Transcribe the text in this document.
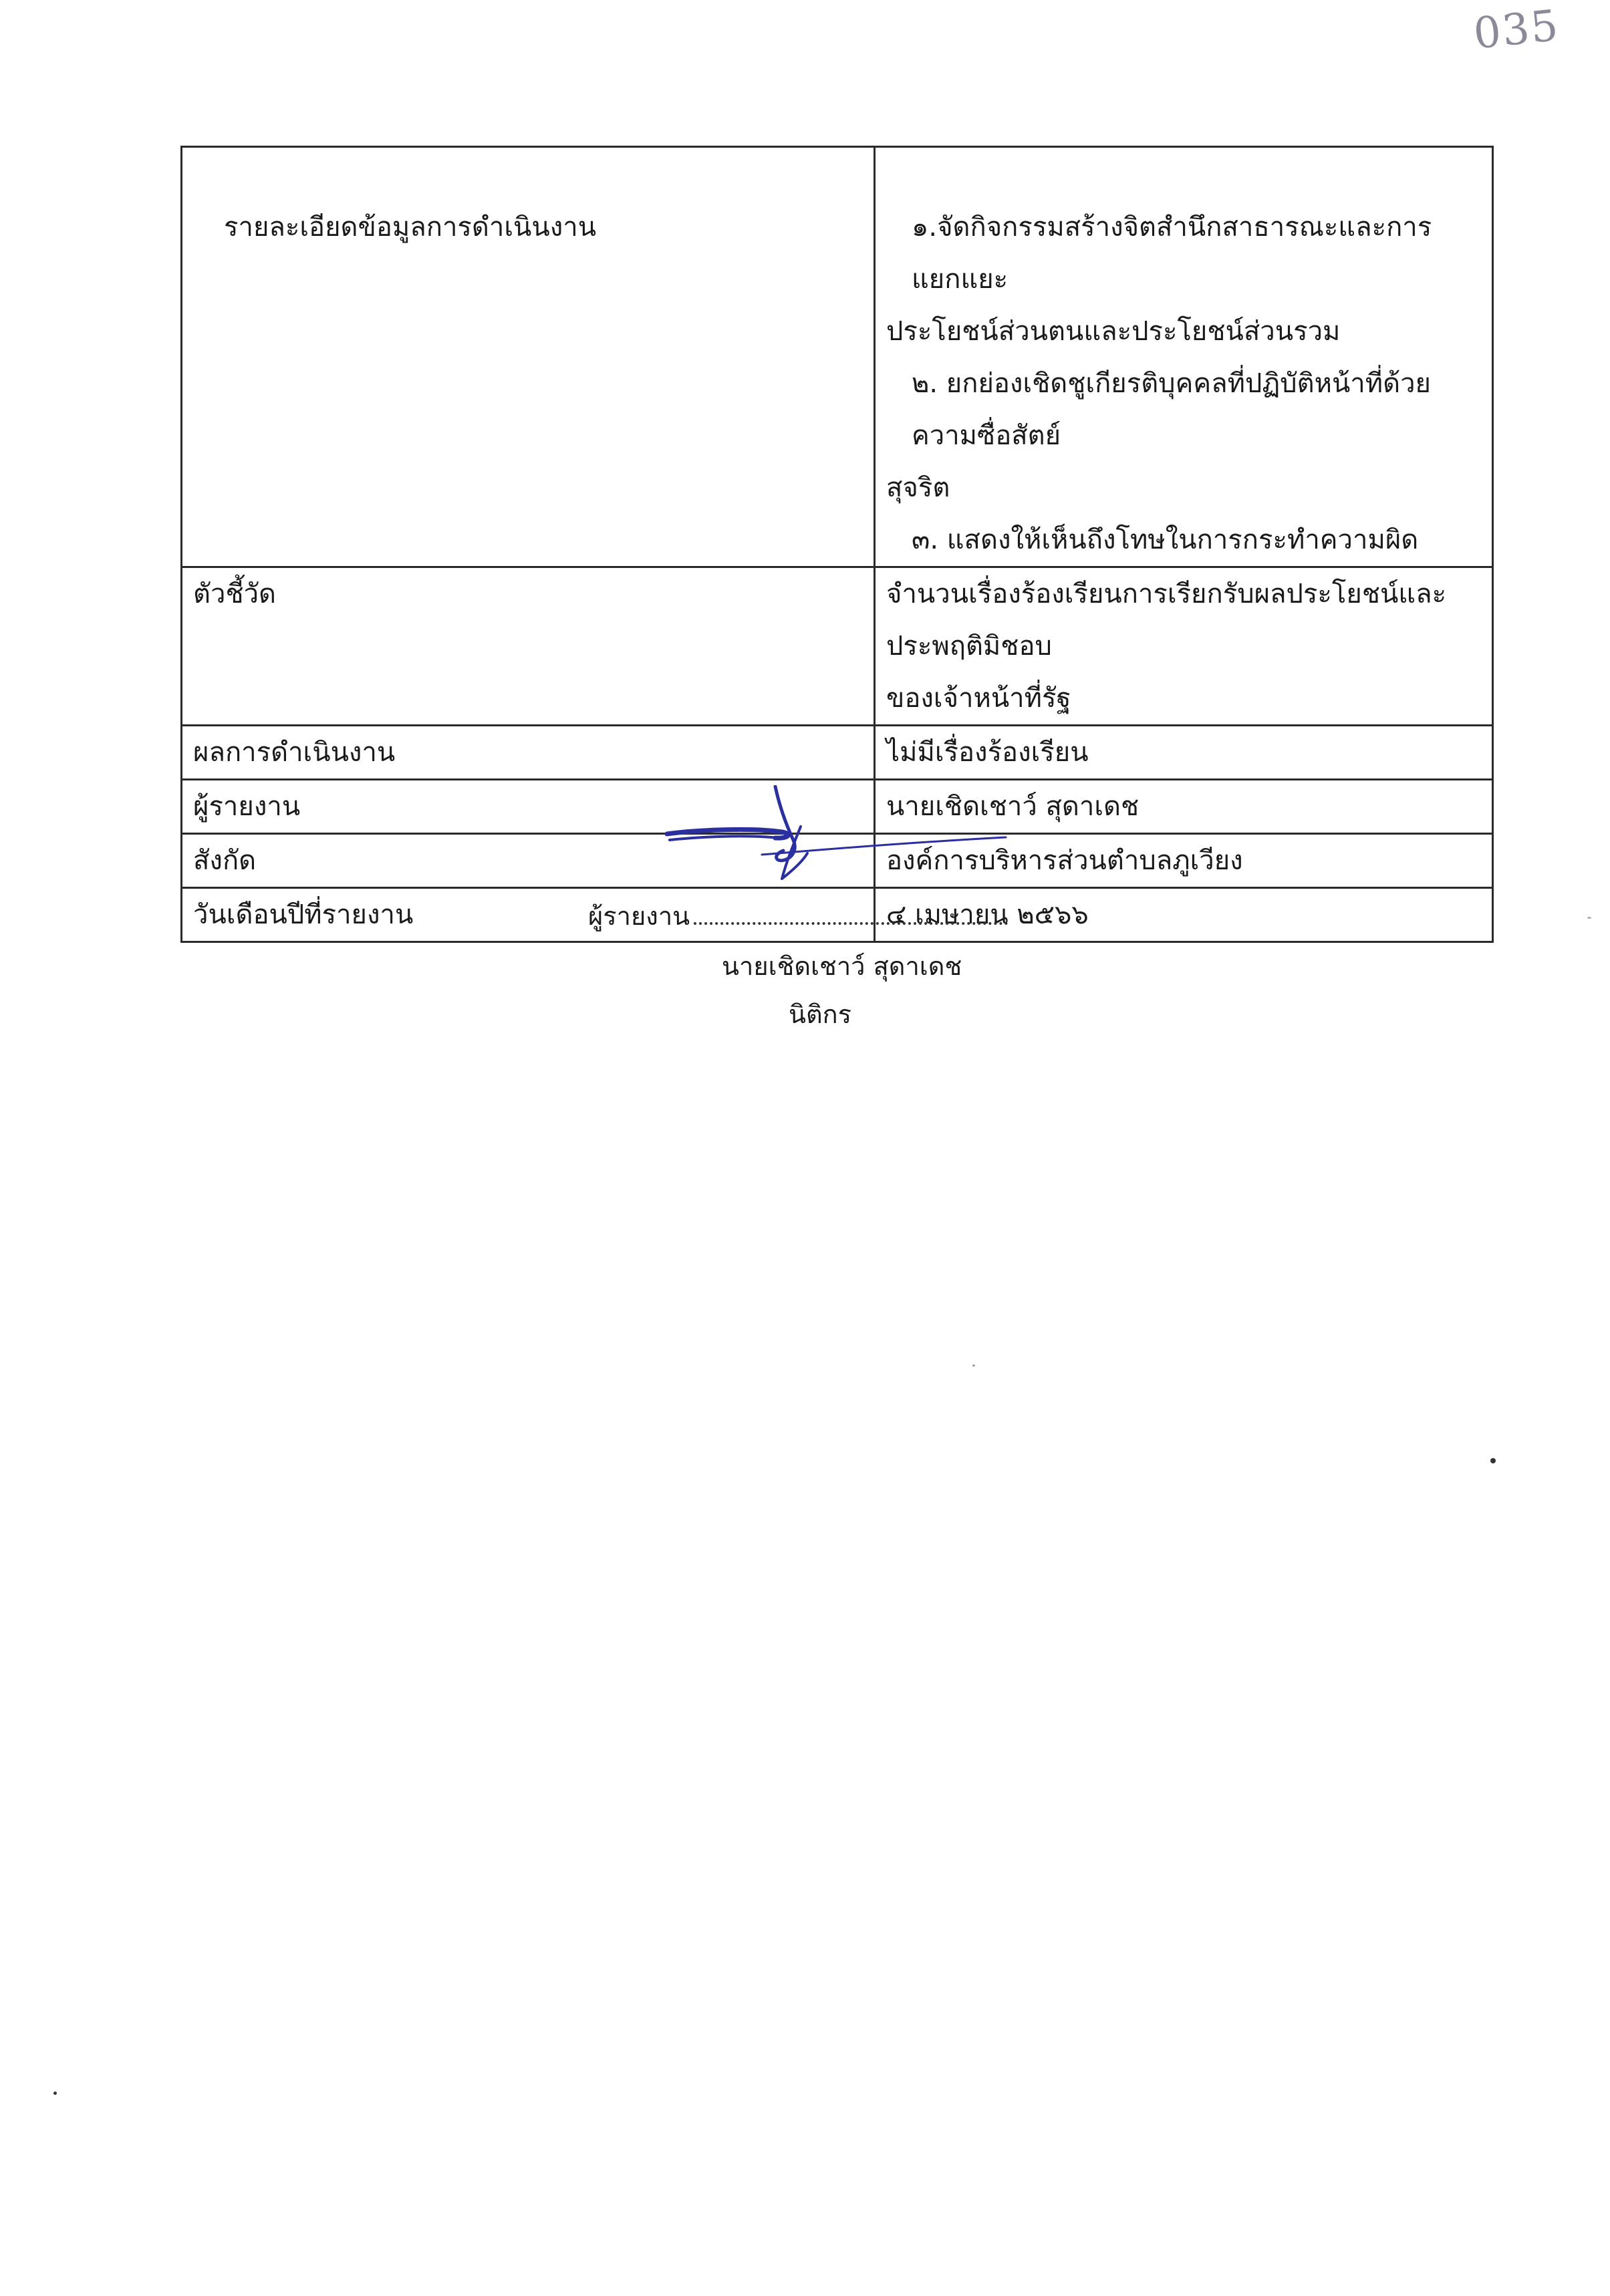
035
รายละเอียดข้อมูลการดำเนินงาน	๑.จัดกิจกรรมสร้างจิตสำนึกสาธารณะและการแยกแยะ
ประโยชน์ส่วนตนและประโยชน์ส่วนรวม
๒. ยกย่องเชิดชูเกียรติบุคคลที่ปฏิบัติหน้าที่ด้วยความซื่อสัตย์
สุจริต
๓. แสดงให้เห็นถึงโทษในการกระทำความผิด

ตัวชี้วัด	จำนวนเรื่องร้องเรียนการเรียกรับผลประโยชน์และประพฤติมิชอบ
ของเจ้าหน้าที่รัฐ

ผลการดำเนินงาน	ไม่มีเรื่องร้องเรียน
ผู้รายงาน	นายเชิดเชาว์ สุดาเดช
สังกัด	องค์การบริหารส่วนตำบลภูเวียง
วันเดือนปีที่รายงาน	๔ เมษายน ๒๕๖๖
ผู้รายงาน
นายเชิดเชาว์ สุดาเดช
นิติกร
